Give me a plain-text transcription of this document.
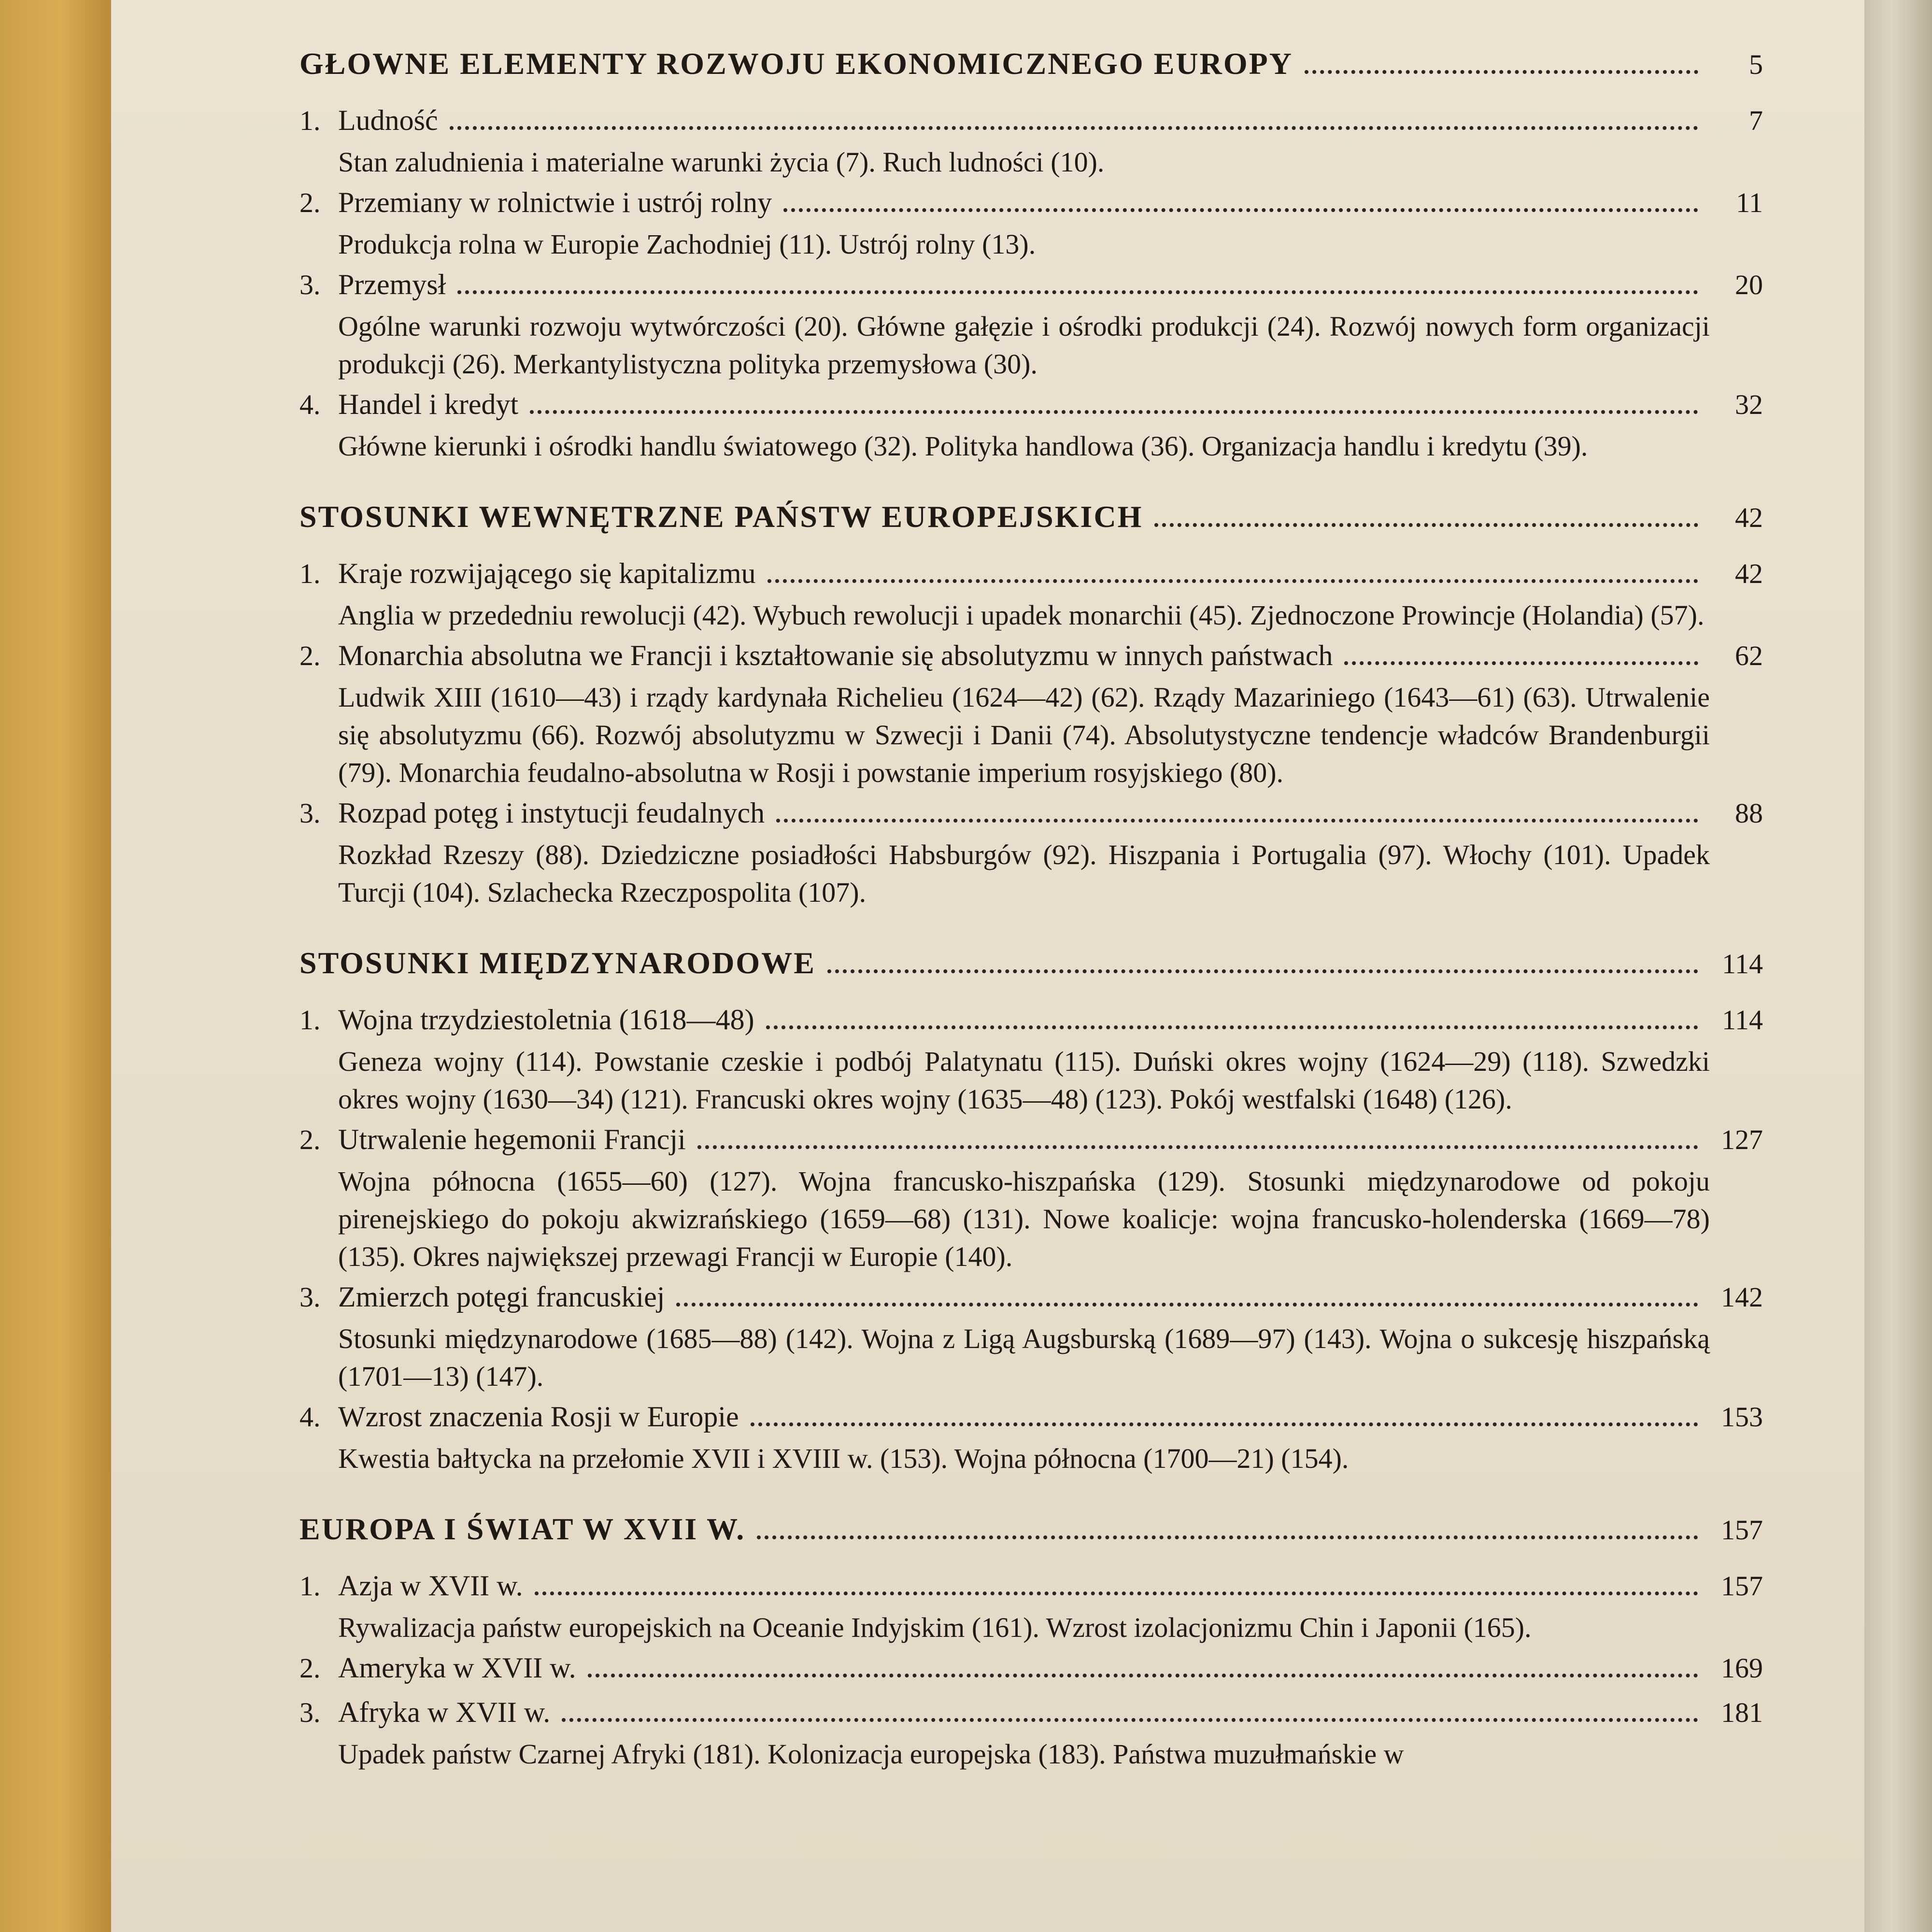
GŁOWNE ELEMENTY ROZWOJU EKONOMICZNEGO EUROPY	5
1. Ludność	7
Stan zaludnienia i materialne warunki życia (7). Ruch ludności (10).
2. Przemiany w rolnictwie i ustrój rolny	11
Produkcja rolna w Europie Zachodniej (11). Ustrój rolny (13).
3. Przemysł	20
Ogólne warunki rozwoju wytwórczości (20). Główne gałęzie i ośrodki produkcji (24). Rozwój nowych form organizacji produkcji (26). Merkantylistyczna polityka przemysłowa (30).
4. Handel i kredyt	32
Główne kierunki i ośrodki handlu światowego (32). Polityka handlowa (36). Organizacja handlu i kredytu (39).
STOSUNKI WEWNĘTRZNE PAŃSTW EUROPEJSKICH	42
1. Kraje rozwijającego się kapitalizmu	42
Anglia w przededniu rewolucji (42). Wybuch rewolucji i upadek monarchii (45). Zjednoczone Prowincje (Holandia) (57).
2. Monarchia absolutna we Francji i kształtowanie się absolutyzmu w innych państwach	62
Ludwik XIII (1610—43) i rządy kardynała Richelieu (1624—42) (62). Rządy Mazariniego (1643—61) (63). Utrwalenie się absolutyzmu (66). Rozwój absolutyzmu w Szwecji i Danii (74). Absolutystyczne tendencje władców Brandenburgii (79). Monarchia feudalno-absolutna w Rosji i powstanie imperium rosyjskiego (80).
3. Rozpad potęg i instytucji feudalnych	88
Rozkład Rzeszy (88). Dziedziczne posiadłości Habsburgów (92). Hiszpania i Portugalia (97). Włochy (101). Upadek Turcji (104). Szlachecka Rzeczpospolita (107).
STOSUNKI MIĘDZYNARODOWE	114
1. Wojna trzydziestoletnia (1618—48)	114
Geneza wojny (114). Powstanie czeskie i podbój Palatynatu (115). Duński okres wojny (1624—29) (118). Szwedzki okres wojny (1630—34) (121). Francuski okres wojny (1635—48) (123). Pokój westfalski (1648) (126).
2. Utrwalenie hegemonii Francji	127
Wojna północna (1655—60) (127). Wojna francusko-hiszpańska (129). Stosunki międzynarodowe od pokoju pirenejskiego do pokoju akwizrańskiego (1659—68) (131). Nowe koalicje: wojna francusko-holenderska (1669—78) (135). Okres największej przewagi Francji w Europie (140).
3. Zmierzch potęgi francuskiej	142
Stosunki międzynarodowe (1685—88) (142). Wojna z Ligą Augsburską (1689—97) (143). Wojna o sukcesję hiszpańską (1701—13) (147).
4. Wzrost znaczenia Rosji w Europie	153
Kwestia bałtycka na przełomie XVII i XVIII w. (153). Wojna północna (1700—21) (154).
EUROPA I ŚWIAT W XVII W.	157
1. Azja w XVII w.	157
Rywalizacja państw europejskich na Oceanie Indyjskim (161). Wzrost izolacjonizmu Chin i Japonii (165).
2. Ameryka w XVII w.	169
3. Afryka w XVII w.	181
Upadek państw Czarnej Afryki (181). Kolonizacja europejska (183). Państwa muzułmańskie w
